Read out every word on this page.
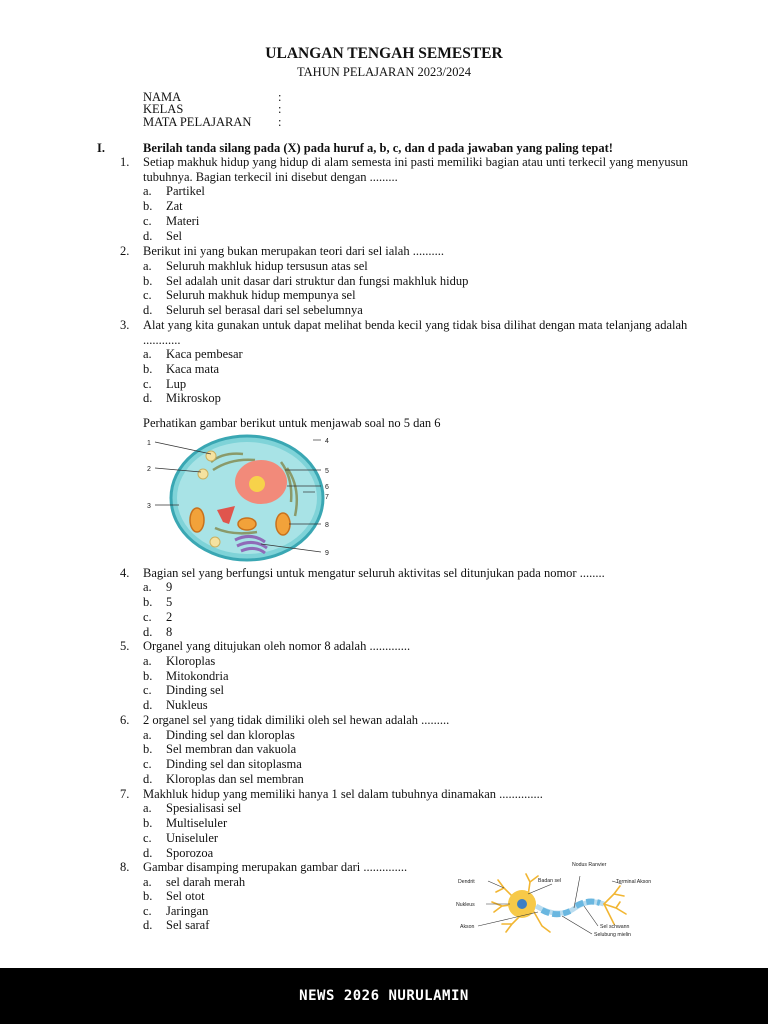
ULANGAN TENGAH SEMESTER
TAHUN PELAJARAN 2023/2024
NAMA	:
KELAS	:
MATA PELAJARAN :
I.	Berilah tanda silang pada (X) pada huruf a, b, c, dan d pada jawaban yang paling tepat!
1. Setiap makhuk hidup yang hidup di alam semesta ini pasti memiliki bagian atau unti terkecil yang menyusun tubuhnya. Bagian terkecil ini disebut dengan .........
a. Partikel
b. Zat
c. Materi
d. Sel
2. Berikut ini yang bukan merupakan teori dari sel ialah ..........
a. Seluruh makhluk hidup tersusun atas sel
b. Sel adalah unit dasar dari struktur dan fungsi makhluk hidup
c. Seluruh makhuk hidup mempunya sel
d. Seluruh sel berasal dari sel sebelumnya
3. Alat yang kita gunakan untuk dapat melihat benda kecil yang tidak bisa dilihat dengan mata telanjang adalah ............
a. Kaca pembesar
b. Kaca mata
c. Lup
d. Mikroskop
Perhatikan gambar berikut untuk menjawab soal no 5 dan 6
1
2
3
4
5
6
7
8
9
4. Bagian sel yang berfungsi untuk mengatur seluruh aktivitas sel ditunjukan pada nomor ........
a. 9
b. 5
c. 2
d. 8
5. Organel yang ditujukan oleh nomor 8 adalah .............
a. Kloroplas
b. Mitokondria
c. Dinding sel
d. Nukleus
6. 2 organel sel yang tidak dimiliki oleh sel hewan adalah .........
a. Dinding sel dan kloroplas
b. Sel membran dan vakuola
c. Dinding sel dan sitoplasma
d. Kloroplas dan sel membran
7. Makhluk hidup yang memiliki hanya 1 sel dalam tubuhnya dinamakan ..............
a. Spesialisasi sel
b. Multiseluler
c. Uniseluler
d. Sporozoa
8. Gambar disamping merupakan gambar dari ..............
a. sel darah merah
b. Sel otot
c. Jaringan
d. Sel saraf
Nodus Ranvier
Badan sel
Dendrit	Terminal Akson
Nukleus
Akson	Sel schwann
Selubung mielin
NEWS 2026 NURULAMIN
